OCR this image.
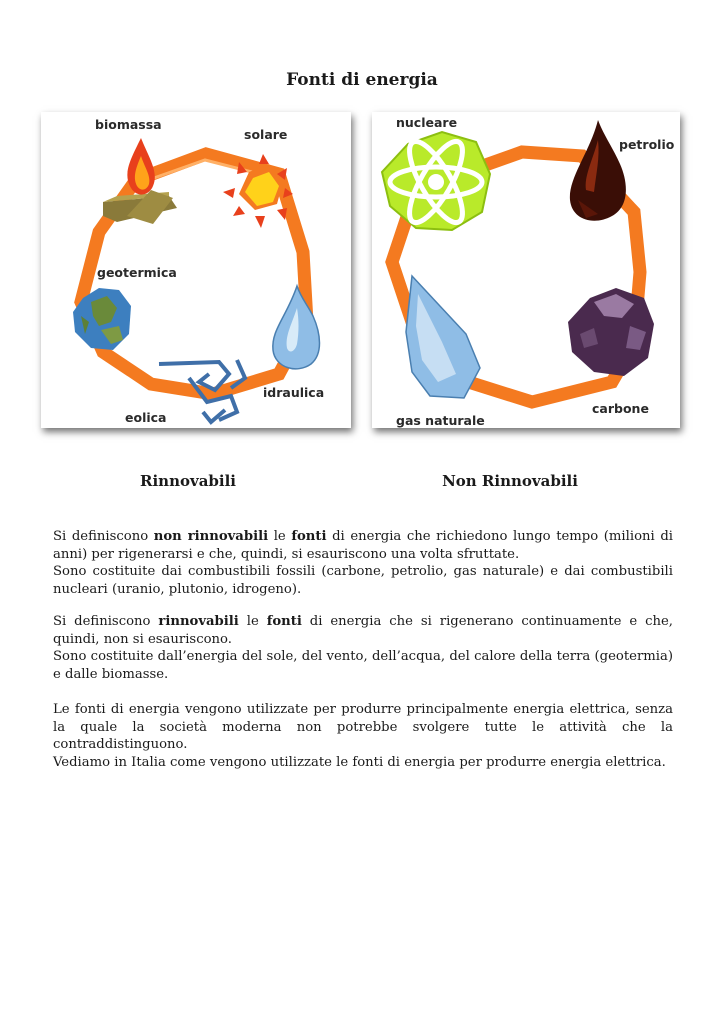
Fonti di energia
biomassa
solare
geotermica
idraulica
eolica
nucleare
petrolio
carbone
gas naturale
Rinnovabili	Non Rinnovabili
Si definiscono non rinnovabili le fonti di energia che richiedono lungo tempo (milioni di anni) per rigenerarsi e che, quindi, si esauriscono una volta sfruttate.
Sono costituite dai combustibili fossili (carbone, petrolio, gas naturale) e dai combustibili nucleari (uranio, plutonio, idrogeno).
Si definiscono rinnovabili le fonti di energia che si rigenerano continuamente e che, quindi, non si esauriscono.
Sono costituite dall’energia del sole, del vento, dell’acqua, del calore della terra (geotermia) e dalle biomasse.
Le fonti di energia vengono utilizzate per produrre principalmente energia elettrica, senza la quale la società moderna non potrebbe svolgere tutte le attività che la contraddistinguono.
Vediamo in Italia come vengono utilizzate le fonti di energia per produrre energia elettrica.
